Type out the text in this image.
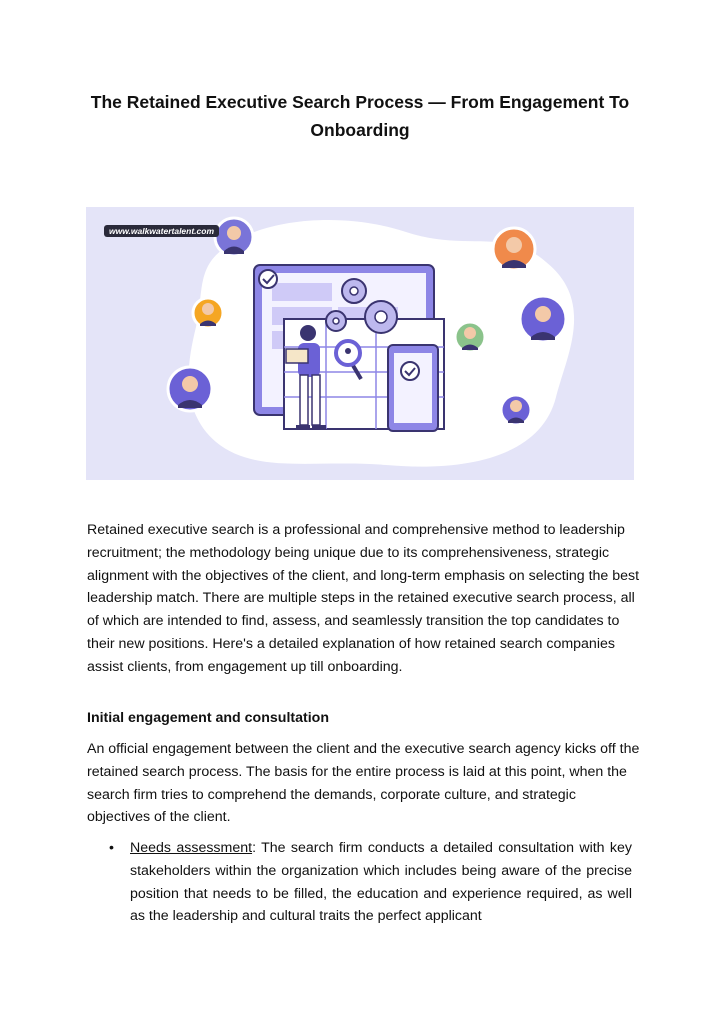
The Retained Executive Search Process — From Engagement To Onboarding
www.walkwatertalent.com

Retained executive search is a professional and comprehensive method to leadership recruitment; the methodology being unique due to its comprehensiveness, strategic alignment with the objectives of the client, and long-term emphasis on selecting the best leadership match. There are multiple steps in the retained executive search process, all of which are intended to find, assess, and seamlessly transition the top candidates to their new positions. Here's a detailed explanation of how retained search companies assist clients, from engagement up till onboarding.

Initial engagement and consultation

An official engagement between the client and the executive search agency kicks off the retained search process. The basis for the entire process is laid at this point, when the search firm tries to comprehend the demands, corporate culture, and strategic objectives of the client.

• Needs assessment: The search firm conducts a detailed consultation with key stakeholders within the organization which includes being aware of the precise position that needs to be filled, the education and experience required, as well as the leadership and cultural traits the perfect applicant
